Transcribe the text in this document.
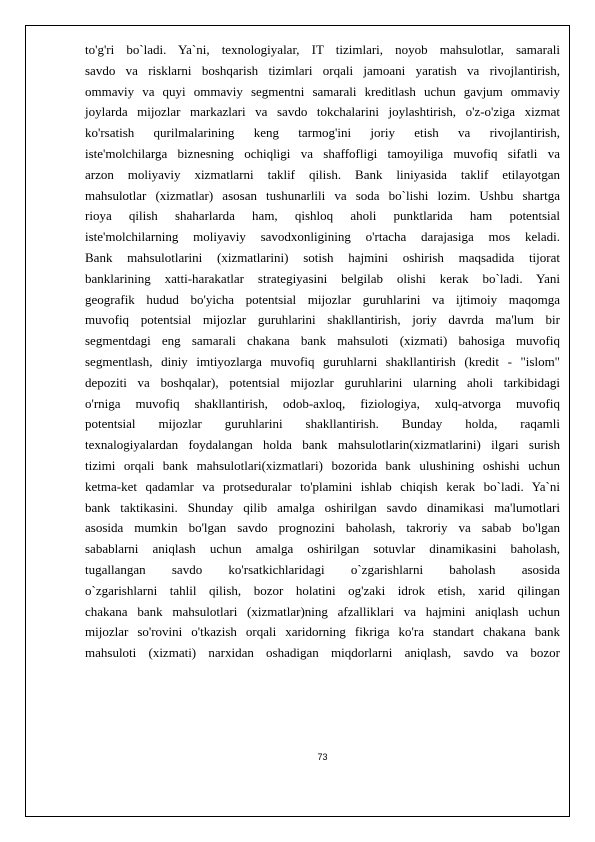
to'g'ri bo`ladi. Ya`ni, texnologiyalar, IT tizimlari, noyob mahsulotlar, samarali
savdo va risklarni boshqarish tizimlari orqali jamoani yaratish va rivojlantirish,
ommaviy va quyi ommaviy segmentni samarali kreditlash uchun gavjum ommaviy
joylarda mijozlar markazlari va savdo tokchalarini joylashtirish, o'z-o'ziga xizmat
ko'rsatish qurilmalarining keng tarmog'ini joriy etish va rivojlantirish,
iste'molchilarga biznesning ochiqligi va shaffofligi tamoyiliga muvofiq sifatli va
arzon moliyaviy xizmatlarni taklif qilish. Bank liniyasida taklif etilayotgan
mahsulotlar (xizmatlar) asosan tushunarlili va soda bo`lishi lozim. Ushbu shartga
rioya qilish shaharlarda ham, qishloq aholi punktlarida ham potentsial
iste'molchilarning moliyaviy savodxonligining o'rtacha darajasiga mos keladi.
Bank mahsulotlarini (xizmatlarini) sotish hajmini oshirish maqsadida tijorat
banklarining xatti-harakatlar strategiyasini belgilab olishi kerak bo`ladi. Yani
geografik hudud bo'yicha potentsial mijozlar guruhlarini va ijtimoiy maqomga
muvofiq potentsial mijozlar guruhlarini shakllantirish, joriy davrda ma'lum bir
segmentdagi eng samarali chakana bank mahsuloti (xizmati) bahosiga muvofiq
segmentlash, diniy imtiyozlarga muvofiq guruhlarni shakllantirish (kredit - "islom"
depoziti va boshqalar), potentsial mijozlar guruhlarini ularning aholi tarkibidagi
o'rniga muvofiq shakllantirish, odob-axloq, fiziologiya, xulq-atvorga muvofiq
potentsial mijozlar guruhlarini shakllantirish. Bunday holda, raqamli
texnalogiyalardan foydalangan holda bank mahsulotlarin(xizmatlarini) ilgari surish
tizimi orqali bank mahsulotlari(xizmatlari) bozorida bank ulushining oshishi uchun
ketma-ket qadamlar va protseduralar to'plamini ishlab chiqish kerak bo`ladi. Ya`ni
bank taktikasini. Shunday qilib amalga oshirilgan savdo dinamikasi ma'lumotlari
asosida mumkin bo'lgan savdo prognozini baholash, takroriy va sabab bo'lgan
sabablarni aniqlash uchun amalga oshirilgan sotuvlar dinamikasini baholash,
tugallangan savdo ko'rsatkichlaridagi o`zgarishlarni baholash asosida
o`zgarishlarni tahlil qilish, bozor holatini og'zaki idrok etish, xarid qilingan
chakana bank mahsulotlari (xizmatlar)ning afzalliklari va hajmini aniqlash uchun
mijozlar so'rovini o'tkazish orqali xaridorning fikriga ko'ra standart chakana bank
mahsuloti (xizmati) narxidan oshadigan miqdorlarni aniqlash, savdo va bozor
73
